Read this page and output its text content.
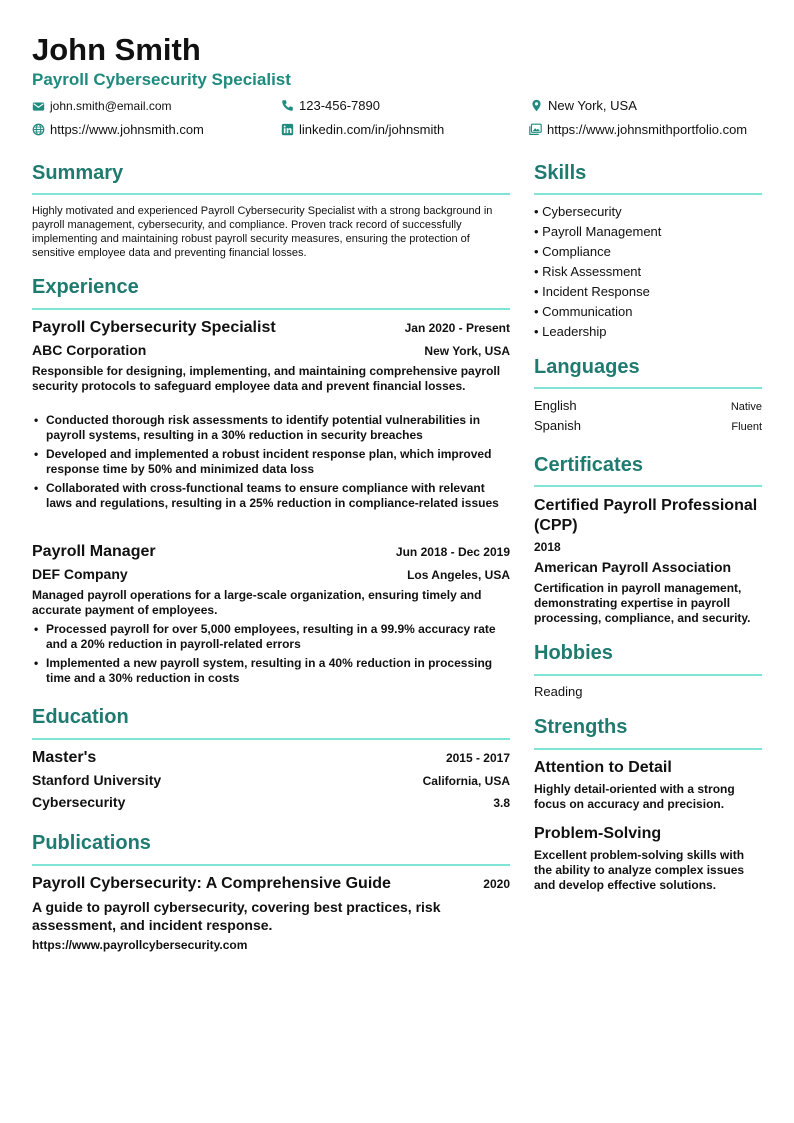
John Smith
Payroll Cybersecurity Specialist
john.smith@email.com	123-456-7890	New York, USA
https://www.johnsmith.com	linkedin.com/in/johnsmith	https://www.johnsmithportfolio.com
Summary
Highly motivated and experienced Payroll Cybersecurity Specialist with a strong background in payroll management, cybersecurity, and compliance. Proven track record of successfully implementing and maintaining robust payroll security measures, ensuring the protection of sensitive employee data and preventing financial losses.
Experience
Payroll Cybersecurity Specialist	Jan 2020 - Present
ABC Corporation	New York, USA
Responsible for designing, implementing, and maintaining comprehensive payroll security protocols to safeguard employee data and prevent financial losses.
• Conducted thorough risk assessments to identify potential vulnerabilities in payroll systems, resulting in a 30% reduction in security breaches
• Developed and implemented a robust incident response plan, which improved response time by 50% and minimized data loss
• Collaborated with cross-functional teams to ensure compliance with relevant laws and regulations, resulting in a 25% reduction in compliance-related issues
Payroll Manager	Jun 2018 - Dec 2019
DEF Company	Los Angeles, USA
Managed payroll operations for a large-scale organization, ensuring timely and accurate payment of employees.
• Processed payroll for over 5,000 employees, resulting in a 99.9% accuracy rate and a 20% reduction in payroll-related errors
• Implemented a new payroll system, resulting in a 40% reduction in processing time and a 30% reduction in costs
Education
Master's	2015 - 2017
Stanford University	California, USA
Cybersecurity	3.8
Publications
Payroll Cybersecurity: A Comprehensive Guide	2020
A guide to payroll cybersecurity, covering best practices, risk assessment, and incident response.
https://www.payrollcybersecurity.com
Skills
• Cybersecurity
• Payroll Management
• Compliance
• Risk Assessment
• Incident Response
• Communication
• Leadership
Languages
English	Native
Spanish	Fluent
Certificates
Certified Payroll Professional (CPP)
2018
American Payroll Association
Certification in payroll management, demonstrating expertise in payroll processing, compliance, and security.
Hobbies
Reading
Strengths
Attention to Detail
Highly detail-oriented with a strong focus on accuracy and precision.
Problem-Solving
Excellent problem-solving skills with the ability to analyze complex issues and develop effective solutions.
